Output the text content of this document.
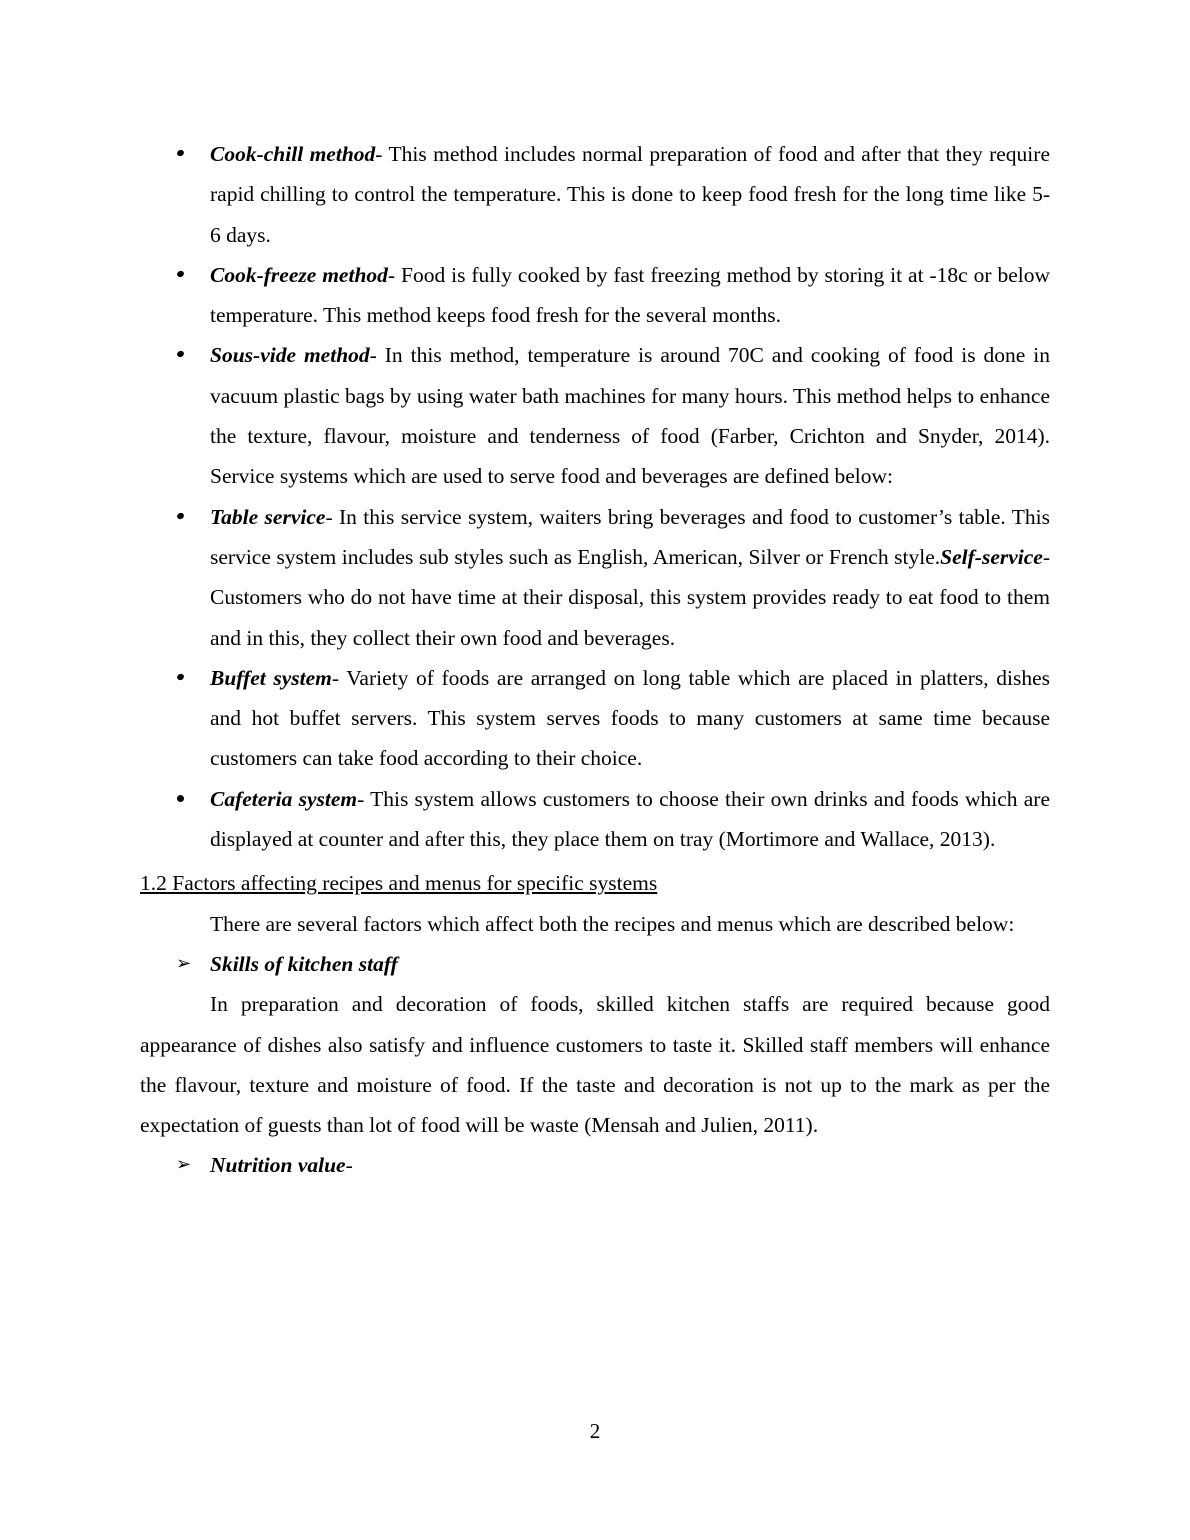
Cook-chill method- This method includes normal preparation of food and after that they require rapid chilling to control the temperature. This is done to keep food fresh for the long time like 5-6 days.
Cook-freeze method- Food is fully cooked by fast freezing method by storing it at -18c or below temperature. This method keeps food fresh for the several months.
Sous-vide method- In this method, temperature is around 70C and cooking of food is done in vacuum plastic bags by using water bath machines for many hours. This method helps to enhance the texture, flavour, moisture and tenderness of food (Farber, Crichton and Snyder, 2014). Service systems which are used to serve food and beverages are defined below:
Table service- In this service system, waiters bring beverages and food to customer’s table. This service system includes sub styles such as English, American, Silver or French style.Self-service- Customers who do not have time at their disposal, this system provides ready to eat food to them and in this, they collect their own food and beverages.
Buffet system- Variety of foods are arranged on long table which are placed in platters, dishes and hot buffet servers. This system serves foods to many customers at same time because customers can take food according to their choice.
Cafeteria system- This system allows customers to choose their own drinks and foods which are displayed at counter and after this, they place them on tray (Mortimore and Wallace, 2013).

1.2 Factors affecting recipes and menus for specific systems

There are several factors which affect both the recipes and menus which are described below:

➢ Skills of kitchen staff

In preparation and decoration of foods, skilled kitchen staffs are required because good appearance of dishes also satisfy and influence customers to taste it. Skilled staff members will enhance the flavour, texture and moisture of food. If the taste and decoration is not up to the mark as per the expectation of guests than lot of food will be waste (Mensah and Julien, 2011).

➢ Nutrition value-

2
